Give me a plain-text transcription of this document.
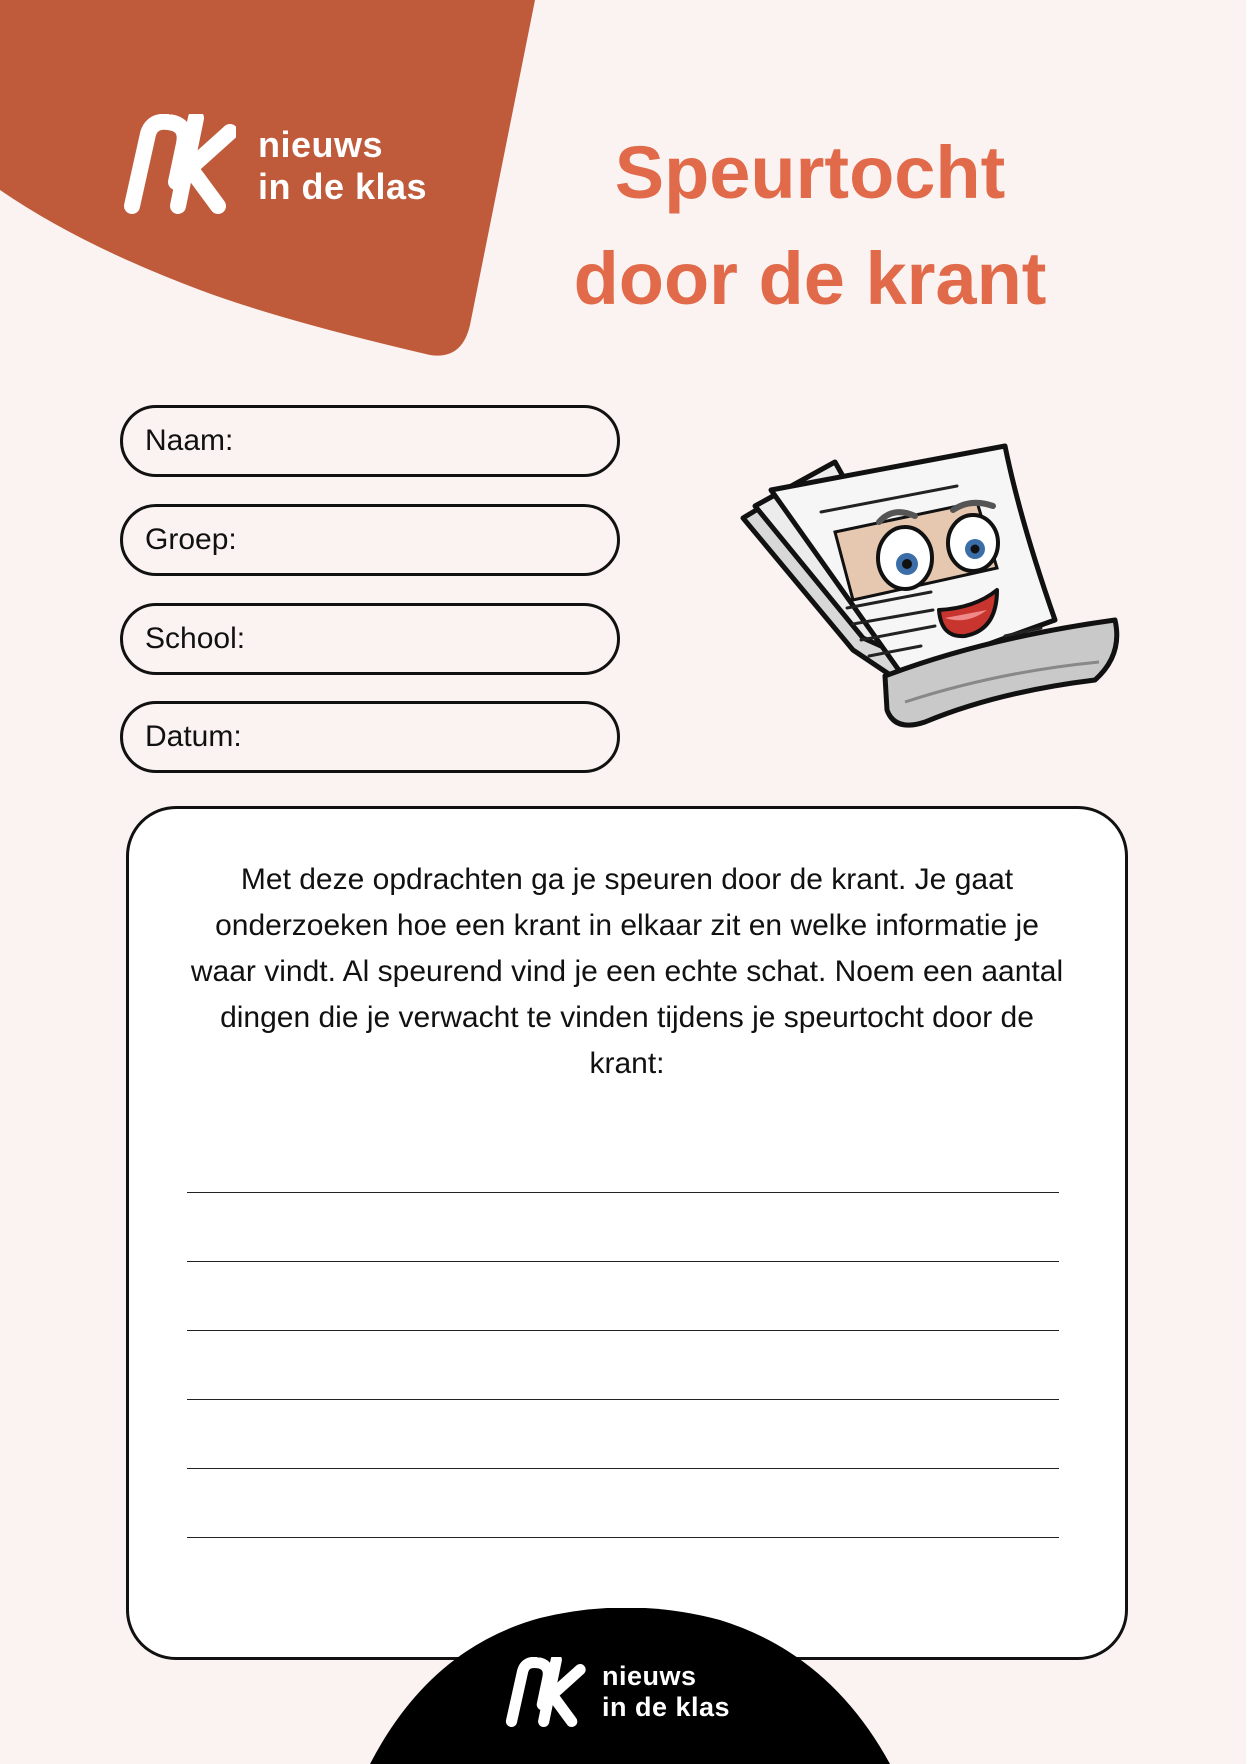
nieuws
in de klas	Speurtocht
door de krant
Naam:
Groep:
School:
Datum:

Met deze opdrachten ga je speuren door de krant. Je gaat onderzoeken hoe een krant in elkaar zit en welke informatie je waar vindt. Al speurend vind je een echte schat. Noem een aantal dingen die je verwacht te vinden tijdens je speurtocht door de krant:

nieuws
in de klas
